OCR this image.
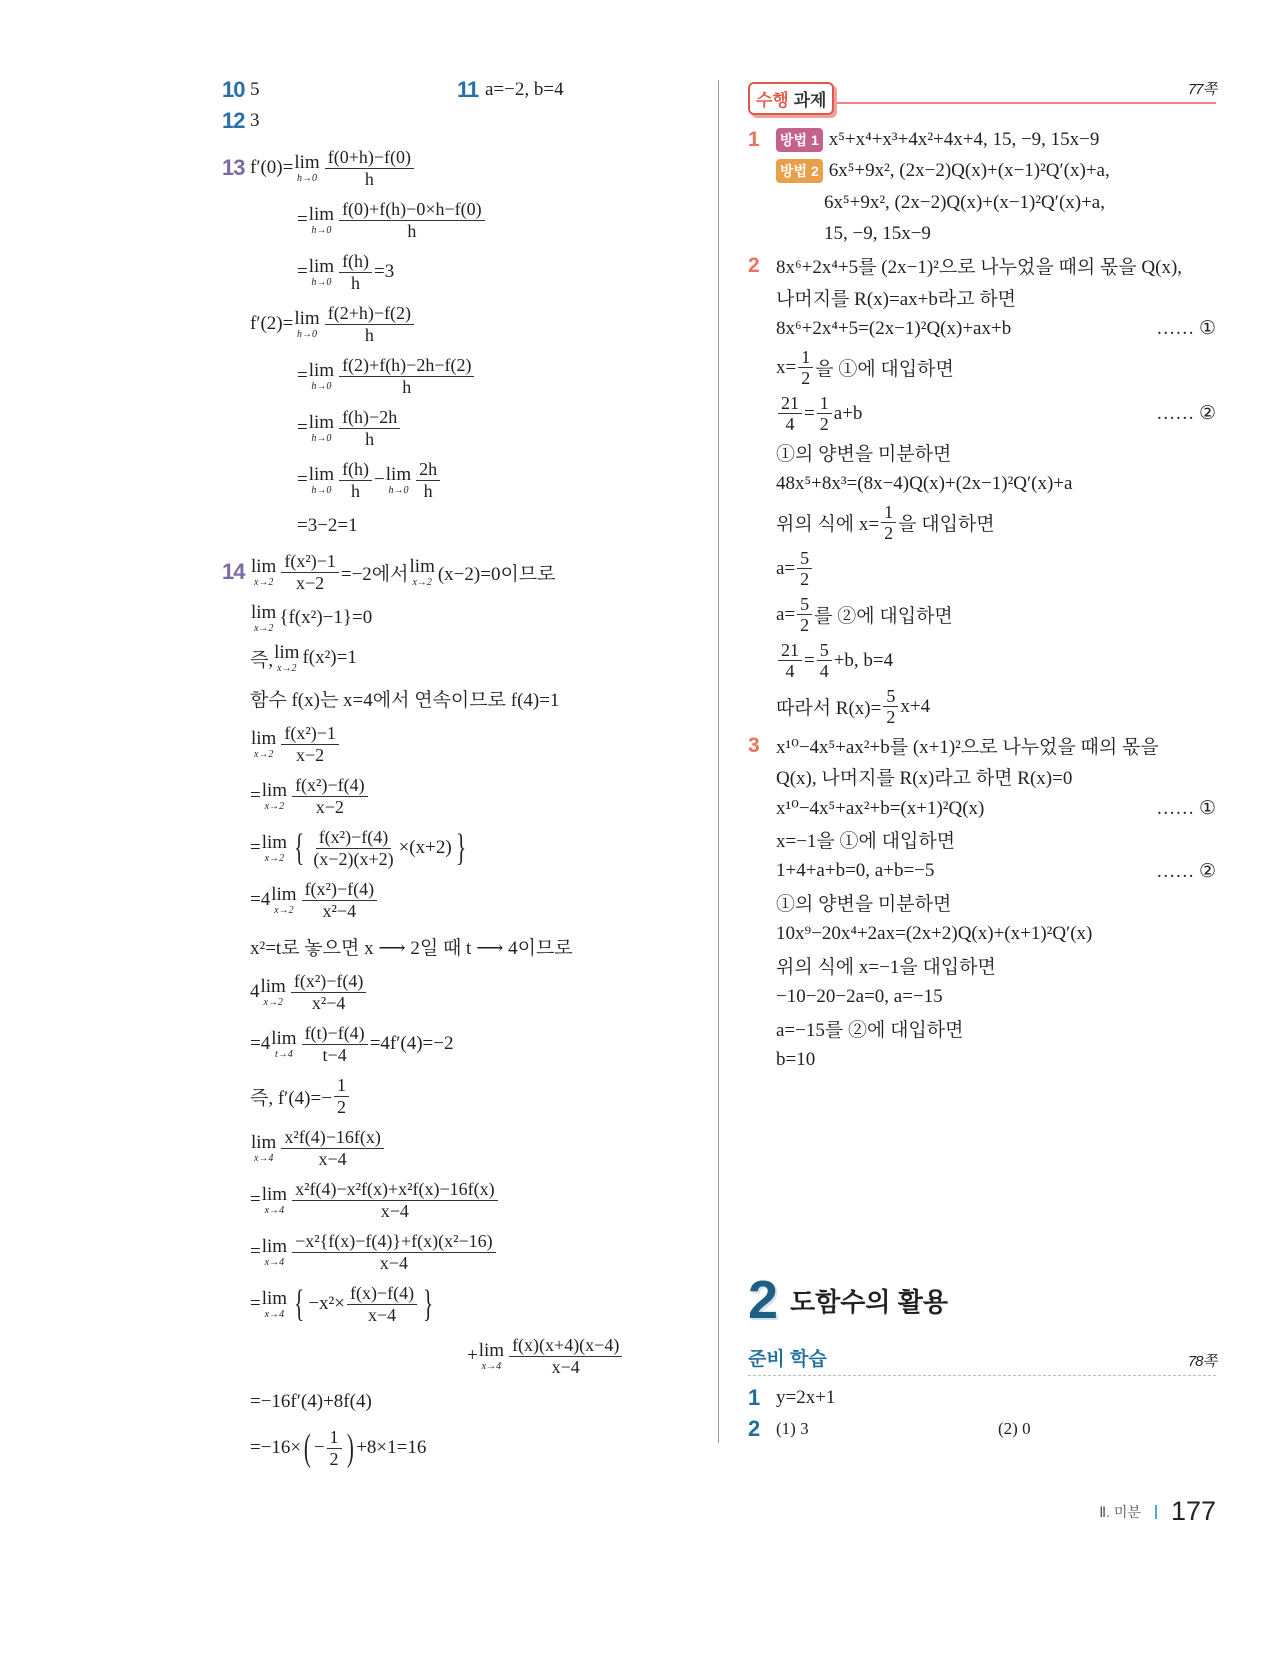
10 5	11 a=−2, b=4
12 3
13 f′(0)= lim
$h\to 0 \frac{f(0+h)-f(0)}{h}$
= lim
$h\to 0 \frac{f(0)+f(h)-0\times h-f(0)}{h}$
= lim
$h\to 0 \frac{f(h)}{h} =3$
f′(2)= lim
$h\to 0 \frac{f(2+h)-f(2)}{h}$
= lim
$h\to 0 \frac{f(2)+f(h)-2h-f(2)}{h}$
= lim
$h\to 0 \frac{f(h)-2h}{h}$
= lim
$h\to 0 \frac{f(h)}{h} - \lim$
$h\to 0 \frac{2h}{h}$
=3−2=1
14 lim
$x\to 2 \frac{\text{f(x²)−1}}{x-2} =-2$에서 lim
x→2 (x−2)=0이므로
lim
x→2 {f(x²)−1}=0
즉, lim
x→2 f(x²)=1
함수 f(x)는 x=4에서 연속이므로 f(4)=1
lim
$x\to 2 \frac{\text{f(x²)−1}}{x-2}$
= lim
$x\to 2 \frac{\text{f(x²)−f(4)}}{x-2}$
= lim
x→2 { $\frac{\text{f(x²)−f(4)}}{(x-2)(x+2)} \times(x+2)$ }
=4 lim
$x\to 2 \frac{\text{f(x²)−f(4)}}{\text{x²−4}}$
x²=t로 놓으면 x ⟶ 2일 때 t ⟶ 4이므로
4 lim
$x\to 2 \frac{\text{f(x²)−f(4)}}{\text{x²−4}}$
=4 lim
$t\to 4 \frac{f(t)-f(4)}{t-4} =4f'(4)=-2$
즉, $f'(4)=- \frac{1}{2}$
lim
$x\to 4 \frac{\text{x²f(4)−16f(x)}}{x-4}$
= lim
$x\to 4 \frac{\text{x²f(4)−x²f(x)+x²f(x)−16f(x)}}{x-4}$
= lim
$x\to 4 \frac{\text{−x²\{f(x)−f(4)\}+f(x)(x²−16)}}{x-4}$
= lim
x→4 { $-x^2\times \frac{f(x)-f(4)}{x-4}$ }
+ lim
$x\to 4 \frac{f(x)(x+4)(x-4)}{x-4}$
=−16f′(4)+8f(4)
=−16× ( − $\frac{1}{2}$ ) +8×1=16
수행 과제
77쪽
1	방법 1 x⁵+x⁴+x³+4x²+4x+4, 15, −9, 15x−9
방법 2 6x⁵+9x², (2x−2)Q(x)+(x−1)²Q′(x)+a,
6x⁵+9x², (2x−2)Q(x)+(x−1)²Q′(x)+a,
15, −9, 15x−9
2 8x⁶+2x⁴+5를 (2x−1)²으로 나누었을 때의 몫을 Q(x),
나머지를 R(x)=ax+b라고 하면
8x⁶+2x⁴+5=(2x−1)²Q(x)+ax+b	…… ①
$x= \frac{1}{2}$ 을 ①에 대입하면
$\frac{21}{4} = \frac{1}{2} a+b$	…… ②
①의 양변을 미분하면
48x⁵+8x³=(8x−4)Q(x)+(2x−1)²Q′(x)+a
위의 식에 $x= \frac{1}{2}$ 을 대입하면
$a= \frac{5}{2}$
$a= \frac{5}{2}$ 를 ②에 대입하면
$\frac{21}{4} = \frac{5}{4} +b$, b=4
따라서 $R(x)= \frac{5}{2} x+4$
3 x¹⁰−4x⁵+ax²+b를 (x+1)²으로 나누었을 때의 몫을
Q(x), 나머지를 R(x)라고 하면 R(x)=0
x¹⁰−4x⁵+ax²+b=(x+1)²Q(x)	…… ①
x=−1을 ①에 대입하면
1+4+a+b=0, a+b=−5	…… ②
①의 양변을 미분하면
10x⁹−20x⁴+2ax=(2x+2)Q(x)+(x+1)²Q′(x)
위의 식에 x=−1을 대입하면
−10−20−2a=0, a=−15
a=−15를 ②에 대입하면
b=10
2 도함수의 활용
준비 학습	78쪽
1 y=2x+1
2 (1) 3	(2) 0
Ⅱ. 미분 177
